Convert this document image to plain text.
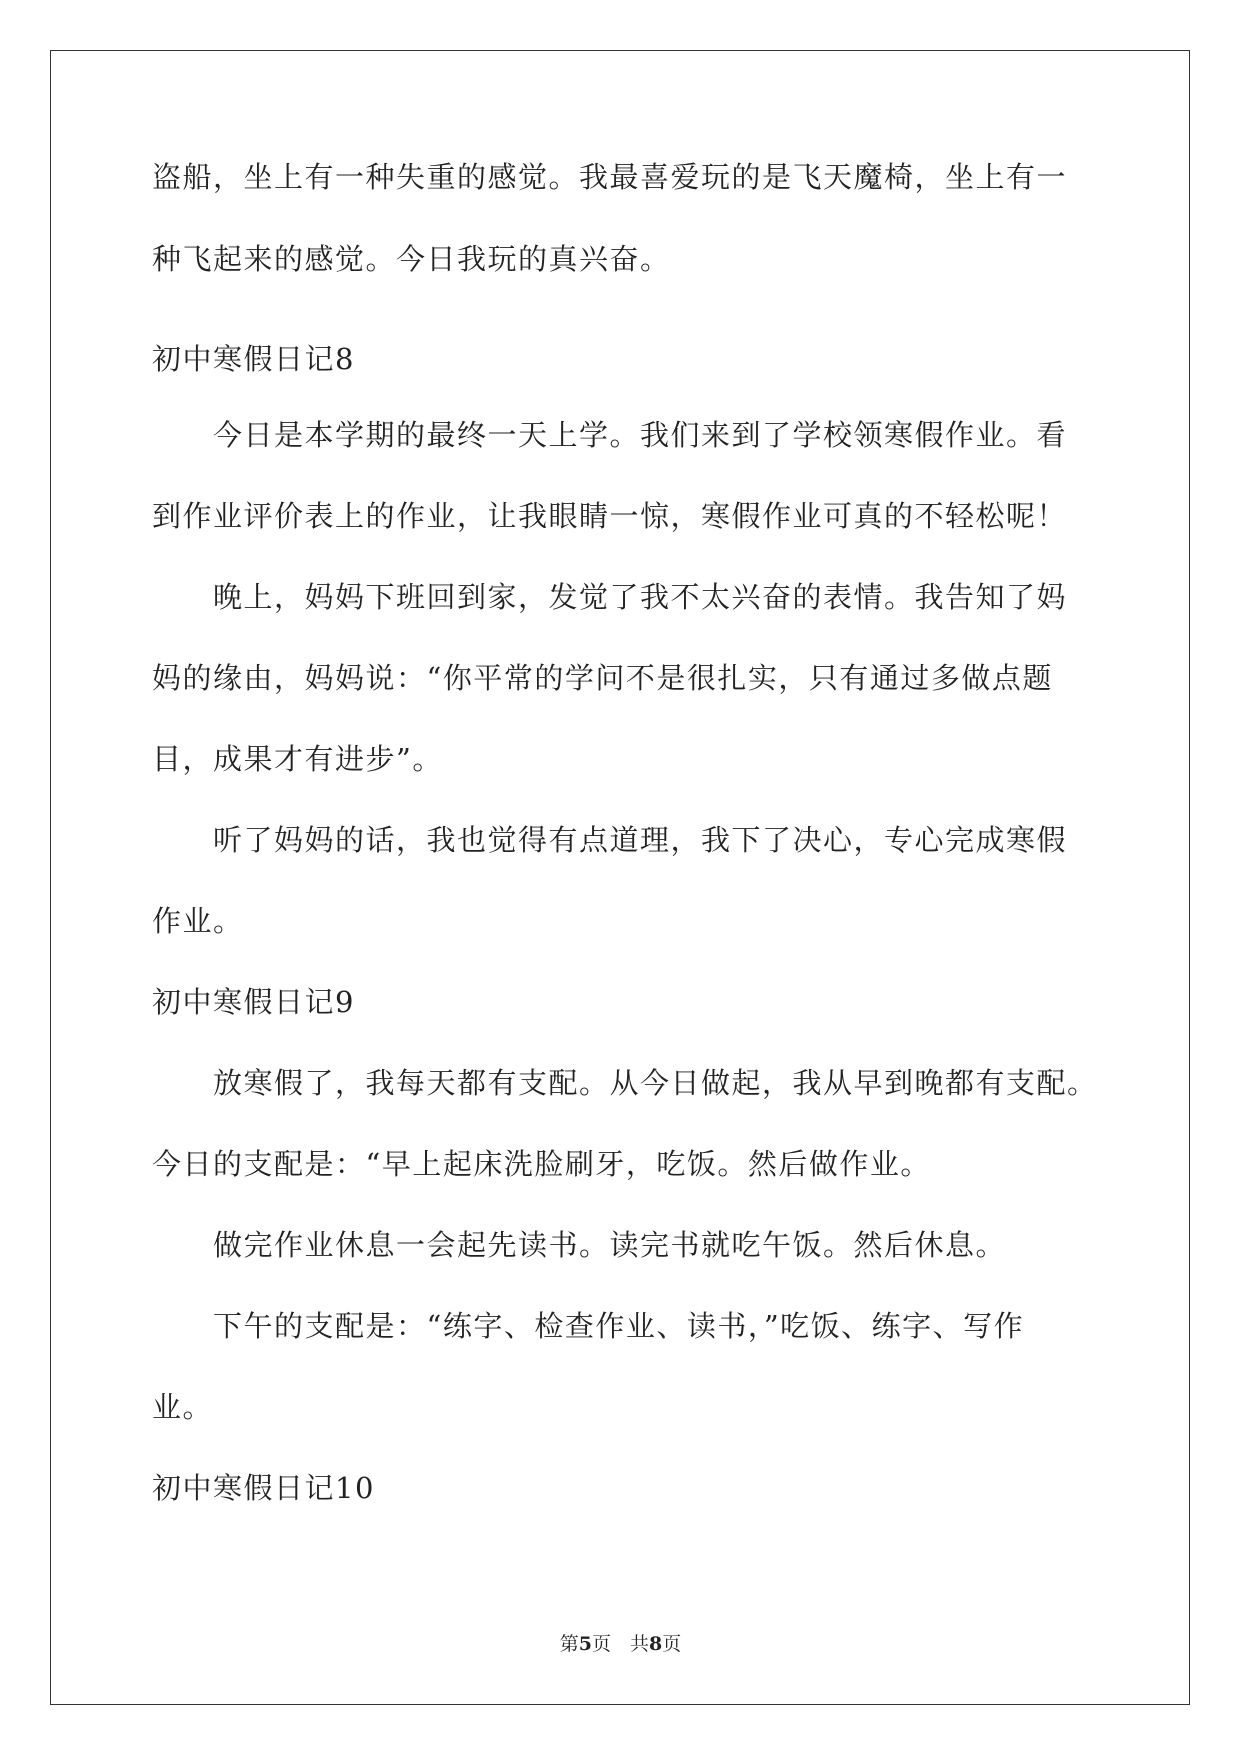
盗船，坐上有一种失重的感觉。我最喜爱玩的是飞天魔椅，坐上有一

种飞起来的感觉。今日我玩的真兴奋。

初中寒假日记8

今日是本学期的最终一天上学。我们来到了学校领寒假作业。看

到作业评价表上的作业，让我眼睛一惊，寒假作业可真的不轻松呢！

晚上，妈妈下班回到家，发觉了我不太兴奋的表情。我告知了妈

妈的缘由，妈妈说：“你平常的学问不是很扎实，只有通过多做点题

目，成果才有进步”。

听了妈妈的话，我也觉得有点道理，我下了决心，专心完成寒假

作业。

初中寒假日记9

放寒假了，我每天都有支配。从今日做起，我从早到晚都有支配。

今日的支配是：“早上起床洗脸刷牙，吃饭。然后做作业。

做完作业休息一会起先读书。读完书就吃午饭。然后休息。

下午的支配是：“练字、检查作业、读书，”吃饭、练字、写作

业。

初中寒假日记10

第5页　共8页
